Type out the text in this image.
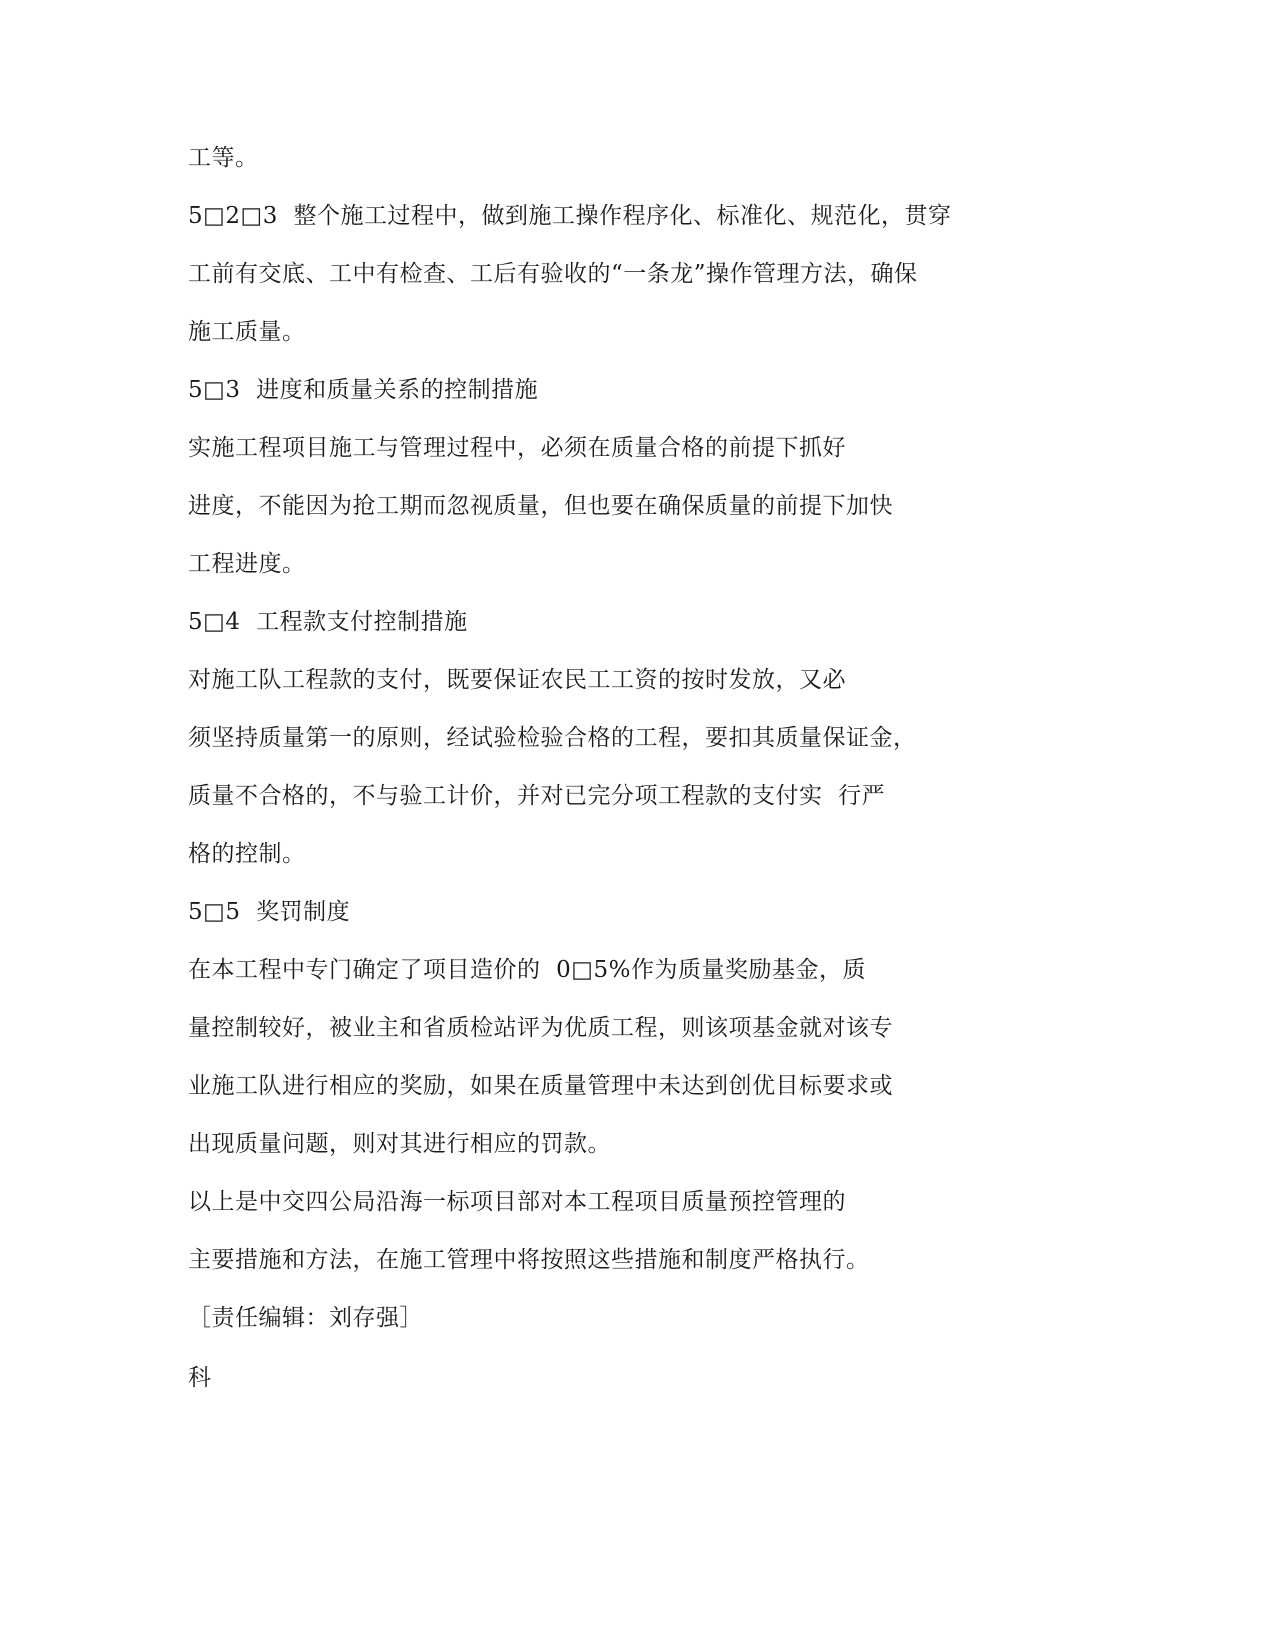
工等。
5□2□3  整个施工过程中，做到施工操作程序化、标准化、规范化，贯穿
工前有交底、工中有检查、工后有验收的“一条龙”操作管理方法，确保
施工质量。
5□3  进度和质量关系的控制措施
实施工程项目施工与管理过程中，必须在质量合格的前提下抓好
进度，不能因为抢工期而忽视质量，但也要在确保质量的前提下加快
工程进度。
5□4  工程款支付控制措施
对施工队工程款的支付，既要保证农民工工资的按时发放，又必
须坚持质量第一的原则，经试验检验合格的工程，要扣其质量保证金，
质量不合格的，不与验工计价，并对已完分项工程款的支付实  行严
格的控制。
5□5  奖罚制度
在本工程中专门确定了项目造价的  0□5%作为质量奖励基金，质
量控制较好，被业主和省质检站评为优质工程，则该项基金就对该专
业施工队进行相应的奖励，如果在质量管理中未达到创优目标要求或
出现质量问题，则对其进行相应的罚款。
以上是中交四公局沿海一标项目部对本工程项目质量预控管理的
主要措施和方法，在施工管理中将按照这些措施和制度严格执行。
［责任编辑：刘存强］
科
